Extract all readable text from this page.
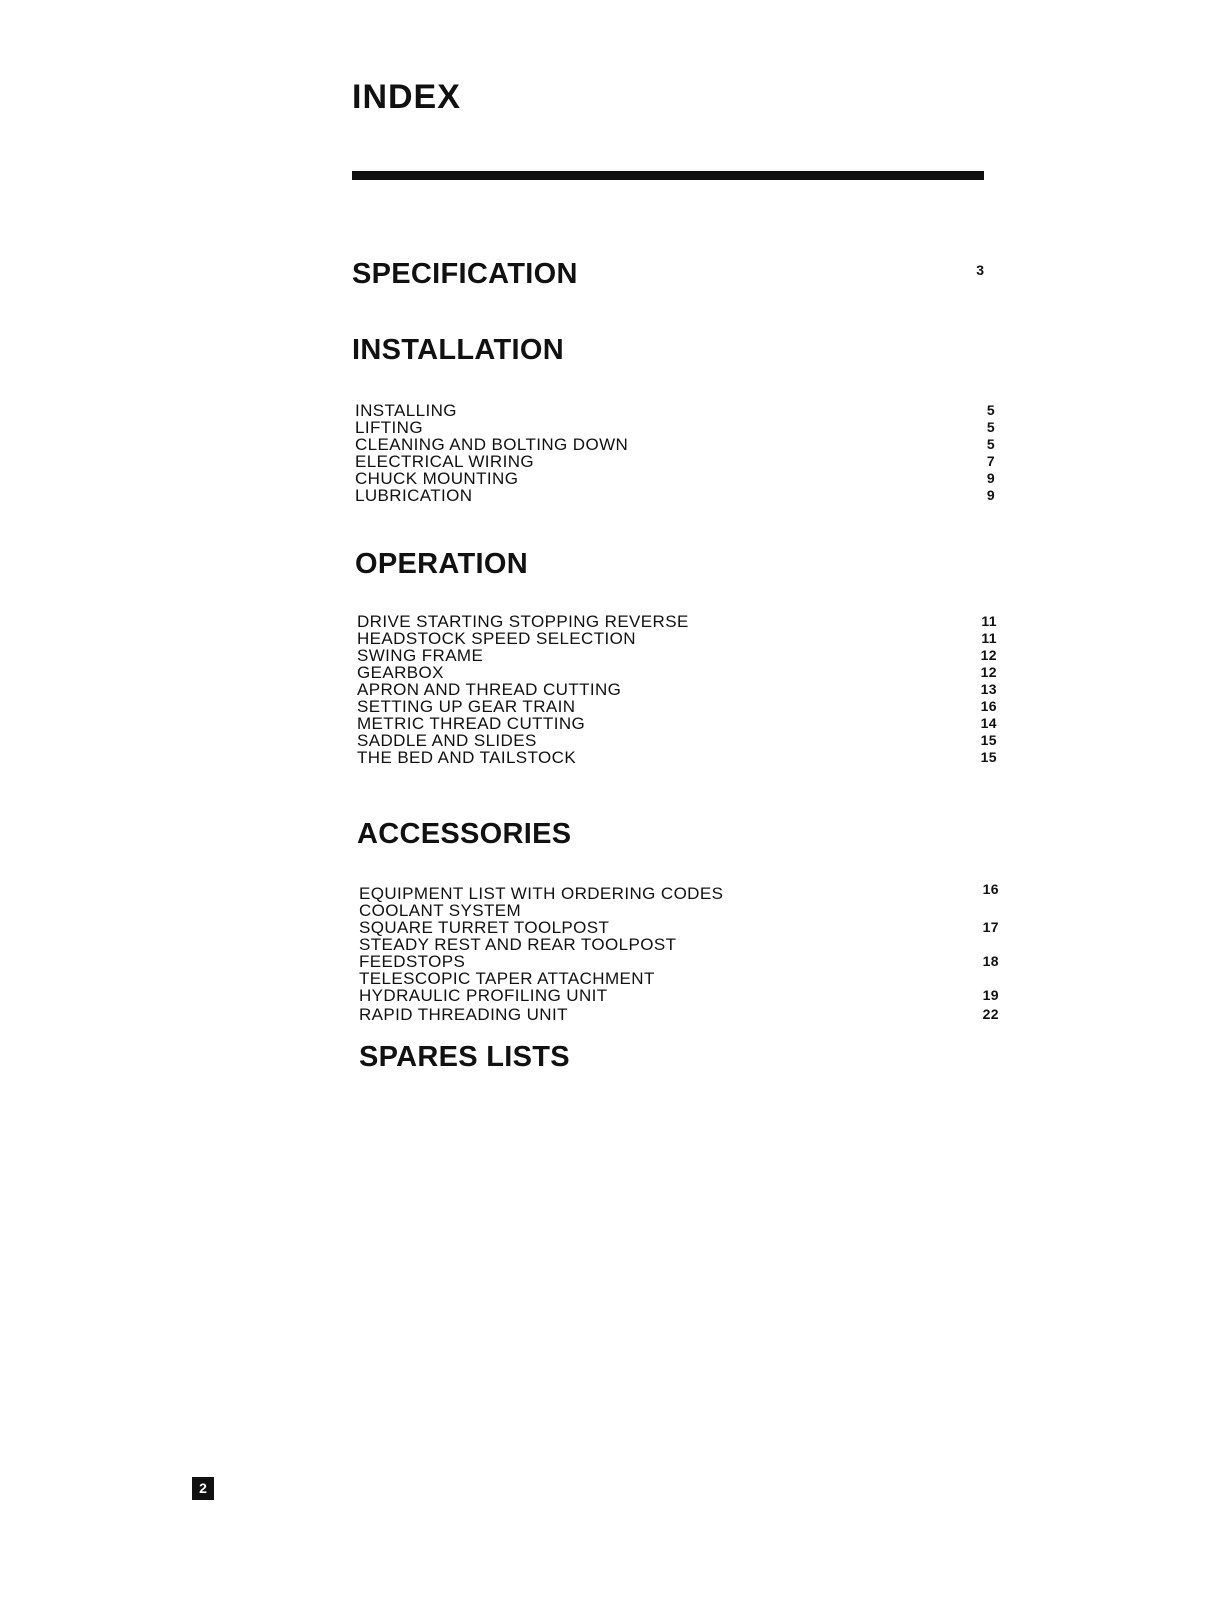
INDEX
SPECIFICATION	3
INSTALLATION
INSTALLING	5
LIFTING	5
CLEANING AND BOLTING DOWN	5
ELECTRICAL WIRING	7
CHUCK MOUNTING	9
LUBRICATION	9
OPERATION
DRIVE STARTING STOPPING REVERSE	11
HEADSTOCK SPEED SELECTION	11
SWING FRAME	12
GEARBOX	12
APRON AND THREAD CUTTING	13
SETTING UP GEAR TRAIN	16
METRIC THREAD CUTTING	14
SADDLE AND SLIDES	15
THE BED AND TAILSTOCK	15
ACCESSORIES
EQUIPMENT LIST WITH ORDERING CODES	16
COOLANT SYSTEM
SQUARE TURRET TOOLPOST	17
STEADY REST AND REAR TOOLPOST
FEEDSTOPS	18
TELESCOPIC TAPER ATTACHMENT
HYDRAULIC PROFILING UNIT	19
RAPID THREADING UNIT	22
SPARES LISTS
2
